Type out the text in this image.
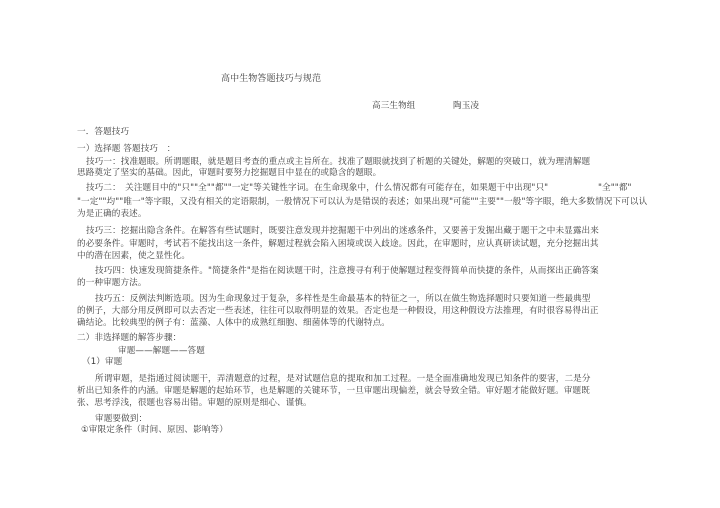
高中生物答题技巧与规范
高三生物组	陶玉凌
一．答题技巧
一）选择题 答题技巧　：
技巧一：找准题眼。所谓题眼，就是题目考查的重点或主旨所在。找准了题眼就找到了析题的关键处，解题的突破口，就为理清解题
思路奠定了坚实的基础。因此，审题时要努力挖掘题目中显在的或隐含的题眼。
技巧二：　关注题目中的"只""全""都""一定"等关键性字词。在生命现象中，什么情况都有可能存在，如果题干中出现"只"	"全""都"
"一定""均""唯一"等字眼，又没有相关的定语限制，一般情况下可以认为是错误的表述；如果出现"可能""主要""一般"等字眼，绝大多数情况下可以认
为是正确的表述。
技巧三：挖掘出隐含条件。在解答有些试题时，既要注意发现并挖掘题干中列出的迷惑条件，又要善于发掘出藏于题干之中未显露出来
的必要条件。审题时，考试若不能找出这一条件，解题过程就会陷入困境或误入歧途。因此，在审题时，应认真研读试题，充分挖掘出其
中的潜在因素，使之显性化。
技巧四：快速发现简捷条件。"简捷条件"是指在阅读题干时，注意搜寻有利于使解题过程变得简单而快捷的条件，从而探出正确答案
的一种审题方法。
技巧五：反例法判断选项。因为生命现象过于复杂，多样性是生命最基本的特征之一，所以在做生物选择题时只要知道一些最典型
的例子，大部分用反例即可以去否定一些表述，往往可以取得明显的效果。否定也是一种假设，用这种假设方法推理，有时很容易得出正
确结论。比较典型的例子有：蓝藻、人体中的成熟红细胞、细菌体等的代谢特点。
二）非选择题的解答步骤：
审题——解题——答题
（1）审题
所谓审题，是指通过阅读题干，弄清题意的过程，是对试题信息的提取和加工过程。一是全面准确地发现已知条件的要害，二是分
析出已知条件的内涵。审题是解题的起始环节，也是解题的关键环节，一旦审题出现偏差，就会导致全错。审好题才能做好题。审题既
张、思考浮浅，很题也容易出错。审题的原则是细心、谨慎。
审题要做到：
①审限定条件（时间、原因、影响等）
